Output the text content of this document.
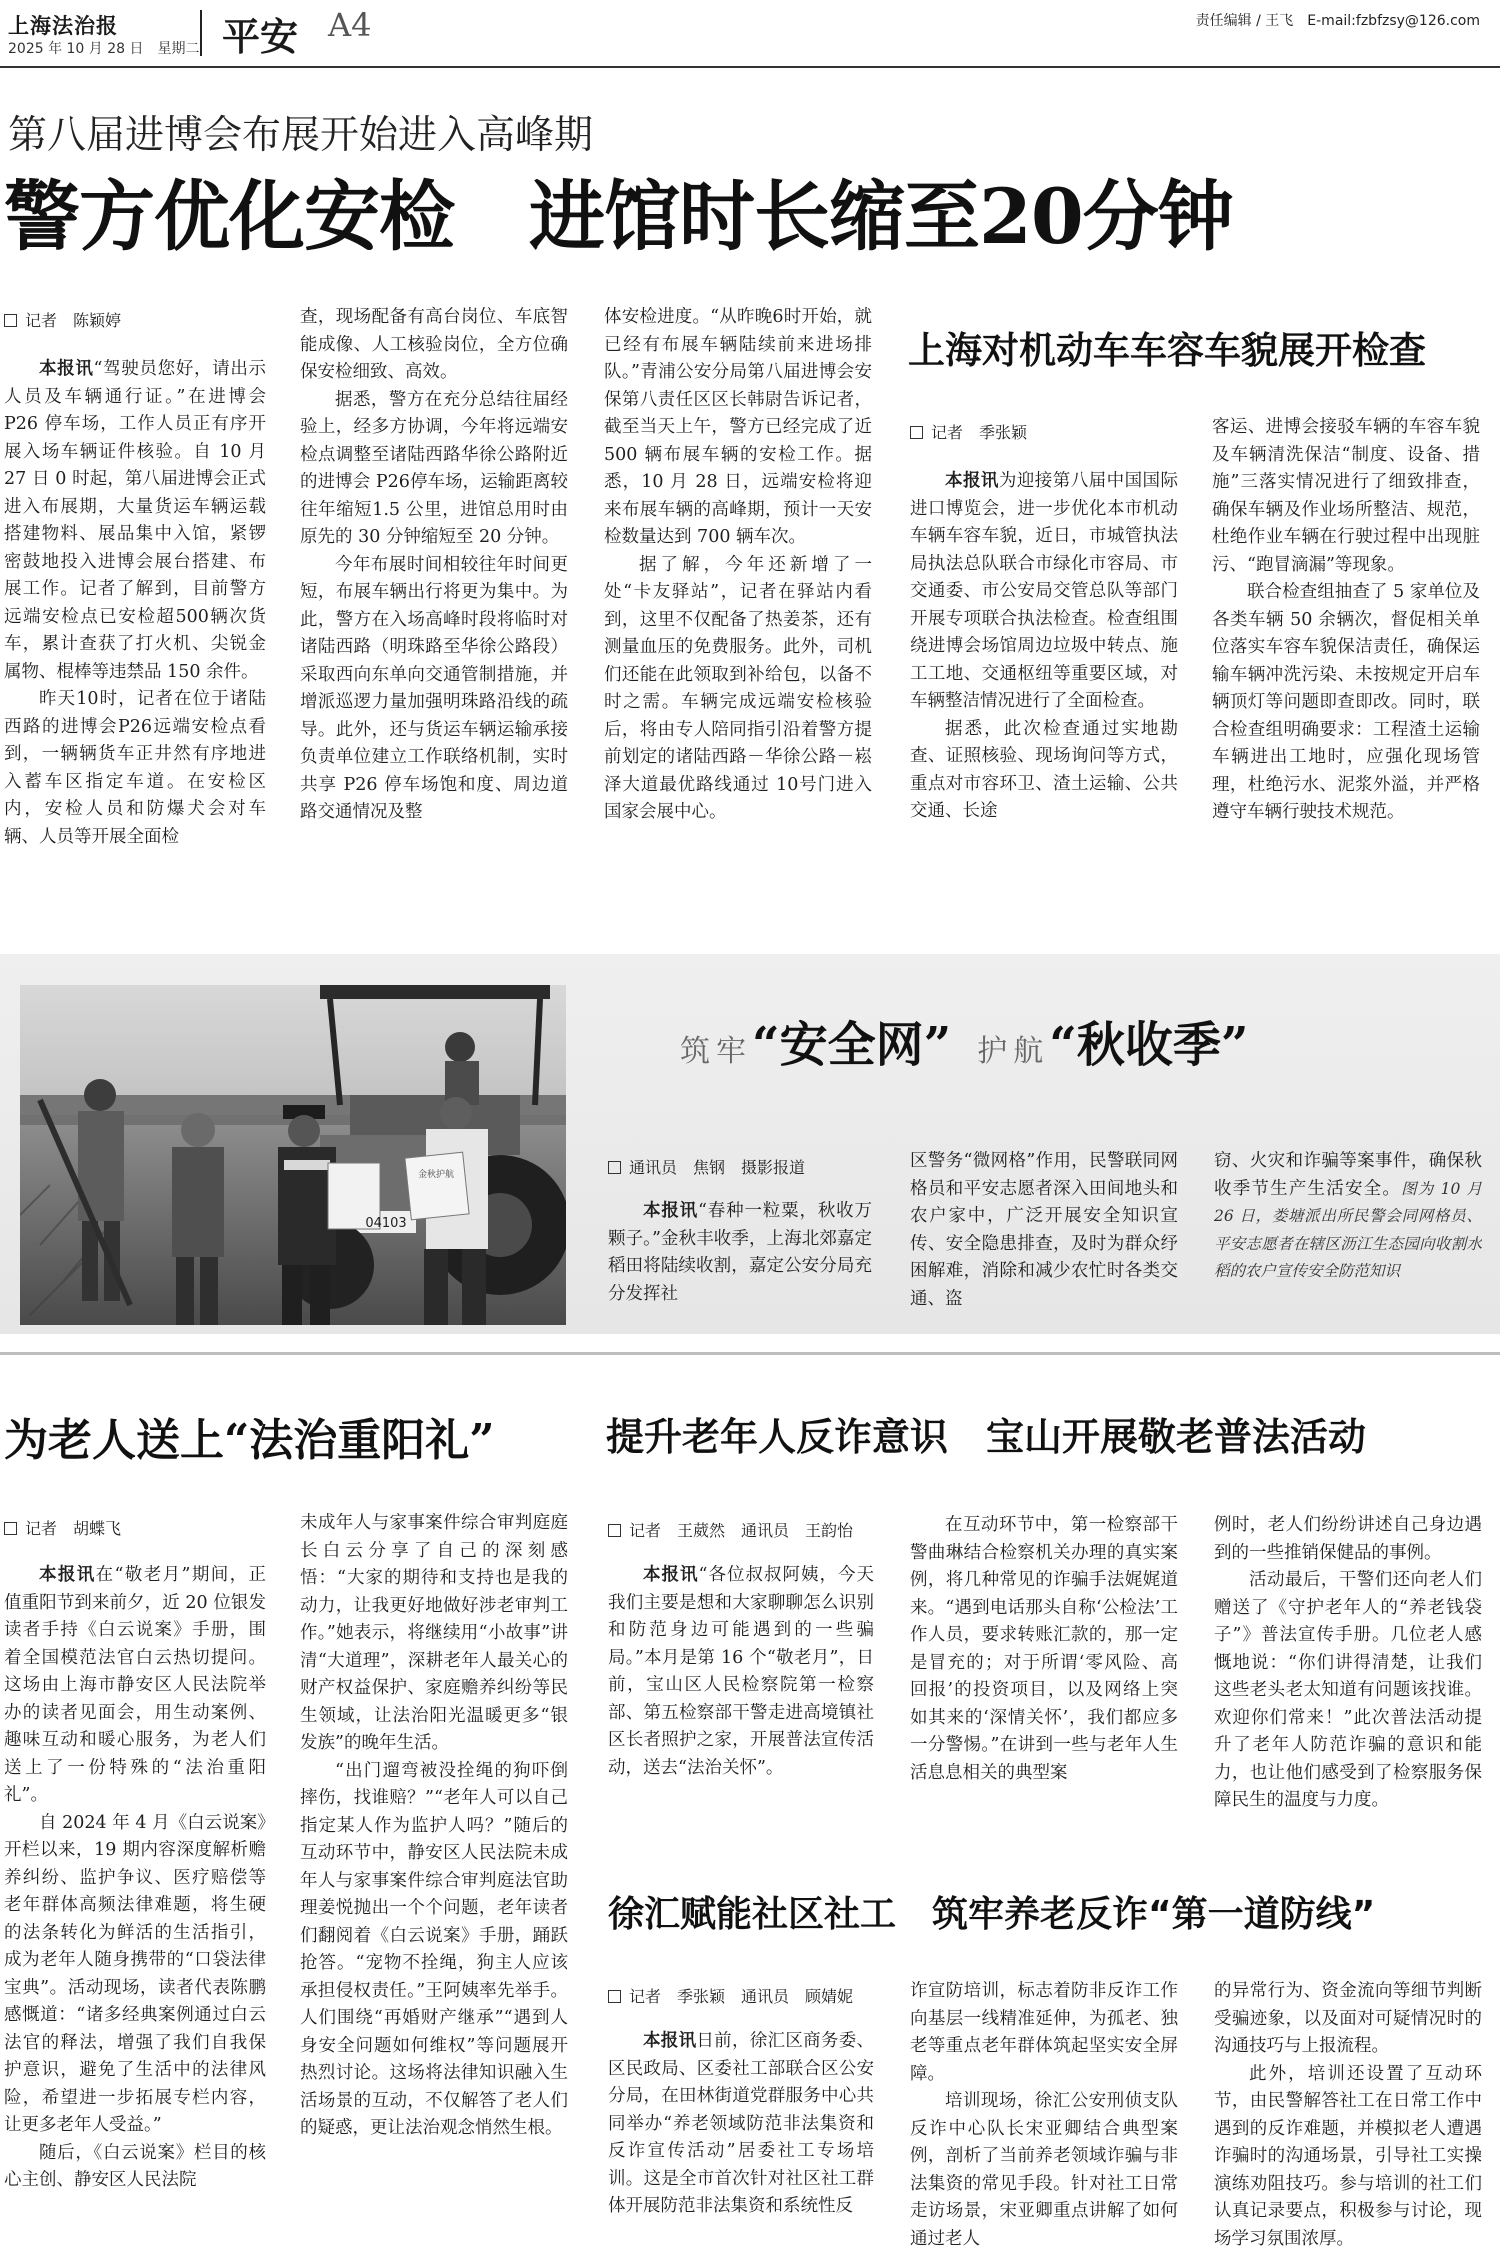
上海法治报
2025 年 10 月 28 日　星期二 平安 A4	责任编辑 / 王飞　E-mail:fzbfzsy@126.com
第八届进博会布展开始进入高峰期
警方优化安检　进馆时长缩至20分钟
记者　陈颖婷

本报讯“驾驶员您好，请出示人员及车辆通行证。”在进博会 P26 停车场，工作人员正有序开展入场车辆证件核验。自 10 月 27 日 0 时起，第八届进博会正式进入布展期，大量货运车辆运载搭建物料、展品集中入馆，紧锣密鼓地投入进博会展台搭建、布展工作。记者了解到，目前警方远端安检点已安检超500辆次货车，累计查获了打火机、尖锐金属物、棍棒等违禁品 150 余件。

昨天10时，记者在位于诸陆西路的进博会P26远端安检点看到，一辆辆货车正井然有序地进入蓄车区指定车道。在安检区内，安检人员和防爆犬会对车辆、人员等开展全面检

查，现场配备有高台岗位、车底智能成像、人工核验岗位，全方位确保安检细致、高效。

据悉，警方在充分总结往届经验上，经多方协调，今年将远端安检点调整至诸陆西路华徐公路附近的进博会 P26停车场，运输距离较往年缩短1.5 公里，进馆总用时由原先的 30 分钟缩短至 20 分钟。

今年布展时间相较往年时间更短，布展车辆出行将更为集中。为此，警方在入场高峰时段将临时对诸陆西路（明珠路至华徐公路段）采取西向东单向交通管制措施，并增派巡逻力量加强明珠路沿线的疏导。此外，还与货运车辆运输承接负责单位建立工作联络机制，实时共享 P26 停车场饱和度、周边道路交通情况及整

体安检进度。“从昨晚6时开始，就已经有布展车辆陆续前来进场排队。”青浦公安分局第八届进博会安保第八责任区区长韩尉告诉记者，截至当天上午，警方已经完成了近 500 辆布展车辆的安检工作。据悉，10 月 28 日，远端安检将迎来布展车辆的高峰期，预计一天安检数量达到 700 辆车次。

据了解，今年还新增了一处“卡友驿站”，记者在驿站内看到，这里不仅配备了热姜茶，还有测量血压的免费服务。此外，司机们还能在此领取到补给包，以备不时之需。车辆完成远端安检核验后，将由专人陪同指引沿着警方提前划定的诸陆西路－华徐公路－崧泽大道最优路线通过 10号门进入国家会展中心。

上海对机动车车容车貌展开检查
记者　季张颖

本报讯为迎接第八届中国国际进口博览会，进一步优化本市机动车辆车容车貌，近日，市城管执法局执法总队联合市绿化市容局、市交通委、市公安局交管总队等部门开展专项联合执法检查。检查组围绕进博会场馆周边垃圾中转点、施工工地、交通枢纽等重要区域，对车辆整洁情况进行了全面检查。

据悉，此次检查通过实地勘查、证照核验、现场询问等方式，重点对市容环卫、渣土运输、公共交通、长途

客运、进博会接驳车辆的车容车貌及车辆清洗保洁“制度、设备、措施”三落实情况进行了细致排查，确保车辆及作业场所整洁、规范，杜绝作业车辆在行驶过程中出现脏污、“跑冒滴漏”等现象。

联合检查组抽查了 5 家单位及各类车辆 50 余辆次，督促相关单位落实车容车貌保洁责任，确保运输车辆冲洗污染、未按规定开启车辆顶灯等问题即查即改。同时，联合检查组明确要求：工程渣土运输车辆进出工地时，应强化现场管理，杜绝污水、泥浆外溢，并严格遵守车辆行驶技术规范。

金秋护航
04103
筑牢“安全网” 护航“秋收季”
通讯员　焦钢　摄影报道

本报讯“春种一粒粟，秋收万颗子。”金秋丰收季，上海北郊嘉定稻田将陆续收割，嘉定公安分局充分发挥社

区警务“微网格”作用，民警联同网格员和平安志愿者深入田间地头和农户家中，广泛开展安全知识宣传、安全隐患排查，及时为群众纾困解难，消除和减少农忙时各类交通、盗

窃、火灾和诈骗等案事件，确保秋收季节生产生活安全。图为 10 月 26 日，娄塘派出所民警会同网格员、平安志愿者在辖区沥江生态园向收割水稻的农户宣传安全防范知识

为老人送上“法治重阳礼”
记者　胡蝶飞

本报讯在“敬老月”期间，正值重阳节到来前夕，近 20 位银发读者手持《白云说案》手册，围着全国模范法官白云热切提问。这场由上海市静安区人民法院举办的读者见面会，用生动案例、趣味互动和暖心服务，为老人们送上了一份特殊的“法治重阳礼”。

自 2024 年 4 月《白云说案》开栏以来，19 期内容深度解析赡养纠纷、监护争议、医疗赔偿等老年群体高频法律难题，将生硬的法条转化为鲜活的生活指引，成为老年人随身携带的“口袋法律宝典”。活动现场，读者代表陈鹏感慨道：“诸多经典案例通过白云法官的释法，增强了我们自我保护意识，避免了生活中的法律风险，希望进一步拓展专栏内容，让更多老年人受益。”

随后，《白云说案》栏目的核心主创、静安区人民法院

未成年人与家事案件综合审判庭庭长白云分享了自己的深刻感悟：“大家的期待和支持也是我的动力，让我更好地做好涉老审判工作。”她表示，将继续用“小故事”讲清“大道理”，深耕老年人最关心的财产权益保护、家庭赡养纠纷等民生领域，让法治阳光温暖更多“银发族”的晚年生活。

“出门遛弯被没拴绳的狗吓倒摔伤，找谁赔？”“老年人可以自己指定某人作为监护人吗？”随后的互动环节中，静安区人民法院未成年人与家事案件综合审判庭法官助理姜悦抛出一个个问题，老年读者们翻阅着《白云说案》手册，踊跃抢答。“宠物不拴绳，狗主人应该承担侵权责任。”王阿姨率先举手。人们围绕“再婚财产继承”“遇到人身安全问题如何维权”等问题展开热烈讨论。这场将法律知识融入生活场景的互动，不仅解答了老人们的疑惑，更让法治观念悄然生根。

提升老年人反诈意识　宝山开展敬老普法活动
记者　王葳然　通讯员　王韵怡

本报讯“各位叔叔阿姨，今天我们主要是想和大家聊聊怎么识别和防范身边可能遇到的一些骗局。”本月是第 16 个“敬老月”，日前，宝山区人民检察院第一检察部、第五检察部干警走进高境镇社区长者照护之家，开展普法宣传活动，送去“法治关怀”。

在互动环节中，第一检察部干警曲琳结合检察机关办理的真实案例，将几种常见的诈骗手法娓娓道来。“遇到电话那头自称‘公检法’工作人员，要求转账汇款的，那一定是冒充的；对于所谓‘零风险、高回报’的投资项目，以及网络上突如其来的‘深情关怀’，我们都应多一分警惕。”在讲到一些与老年人生活息息相关的典型案

例时，老人们纷纷讲述自己身边遇到的一些推销保健品的事例。

活动最后，干警们还向老人们赠送了《守护老年人的“养老钱袋子”》普法宣传手册。几位老人感慨地说：“你们讲得清楚，让我们这些老头老太知道有问题该找谁。欢迎你们常来！”此次普法活动提升了老年人防范诈骗的意识和能力，也让他们感受到了检察服务保障民生的温度与力度。

徐汇赋能社区社工　筑牢养老反诈“第一道防线”
记者　季张颖　通讯员　顾婧妮

本报讯日前，徐汇区商务委、区民政局、区委社工部联合区公安分局，在田林街道党群服务中心共同举办“养老领域防范非法集资和反诈宣传活动”居委社工专场培训。这是全市首次针对社区社工群体开展防范非法集资和系统性反

诈宣防培训，标志着防非反诈工作向基层一线精准延伸，为孤老、独老等重点老年群体筑起坚实安全屏障。

培训现场，徐汇公安刑侦支队反诈中心队长宋亚卿结合典型案例，剖析了当前养老领域诈骗与非法集资的常见手段。针对社工日常走访场景，宋亚卿重点讲解了如何通过老人

的异常行为、资金流向等细节判断受骗迹象，以及面对可疑情况时的沟通技巧与上报流程。

此外，培训还设置了互动环节，由民警解答社工在日常工作中遇到的反诈难题，并模拟老人遭遇诈骗时的沟通场景，引导社工实操演练劝阻技巧。参与培训的社工们认真记录要点，积极参与讨论，现场学习氛围浓厚。
